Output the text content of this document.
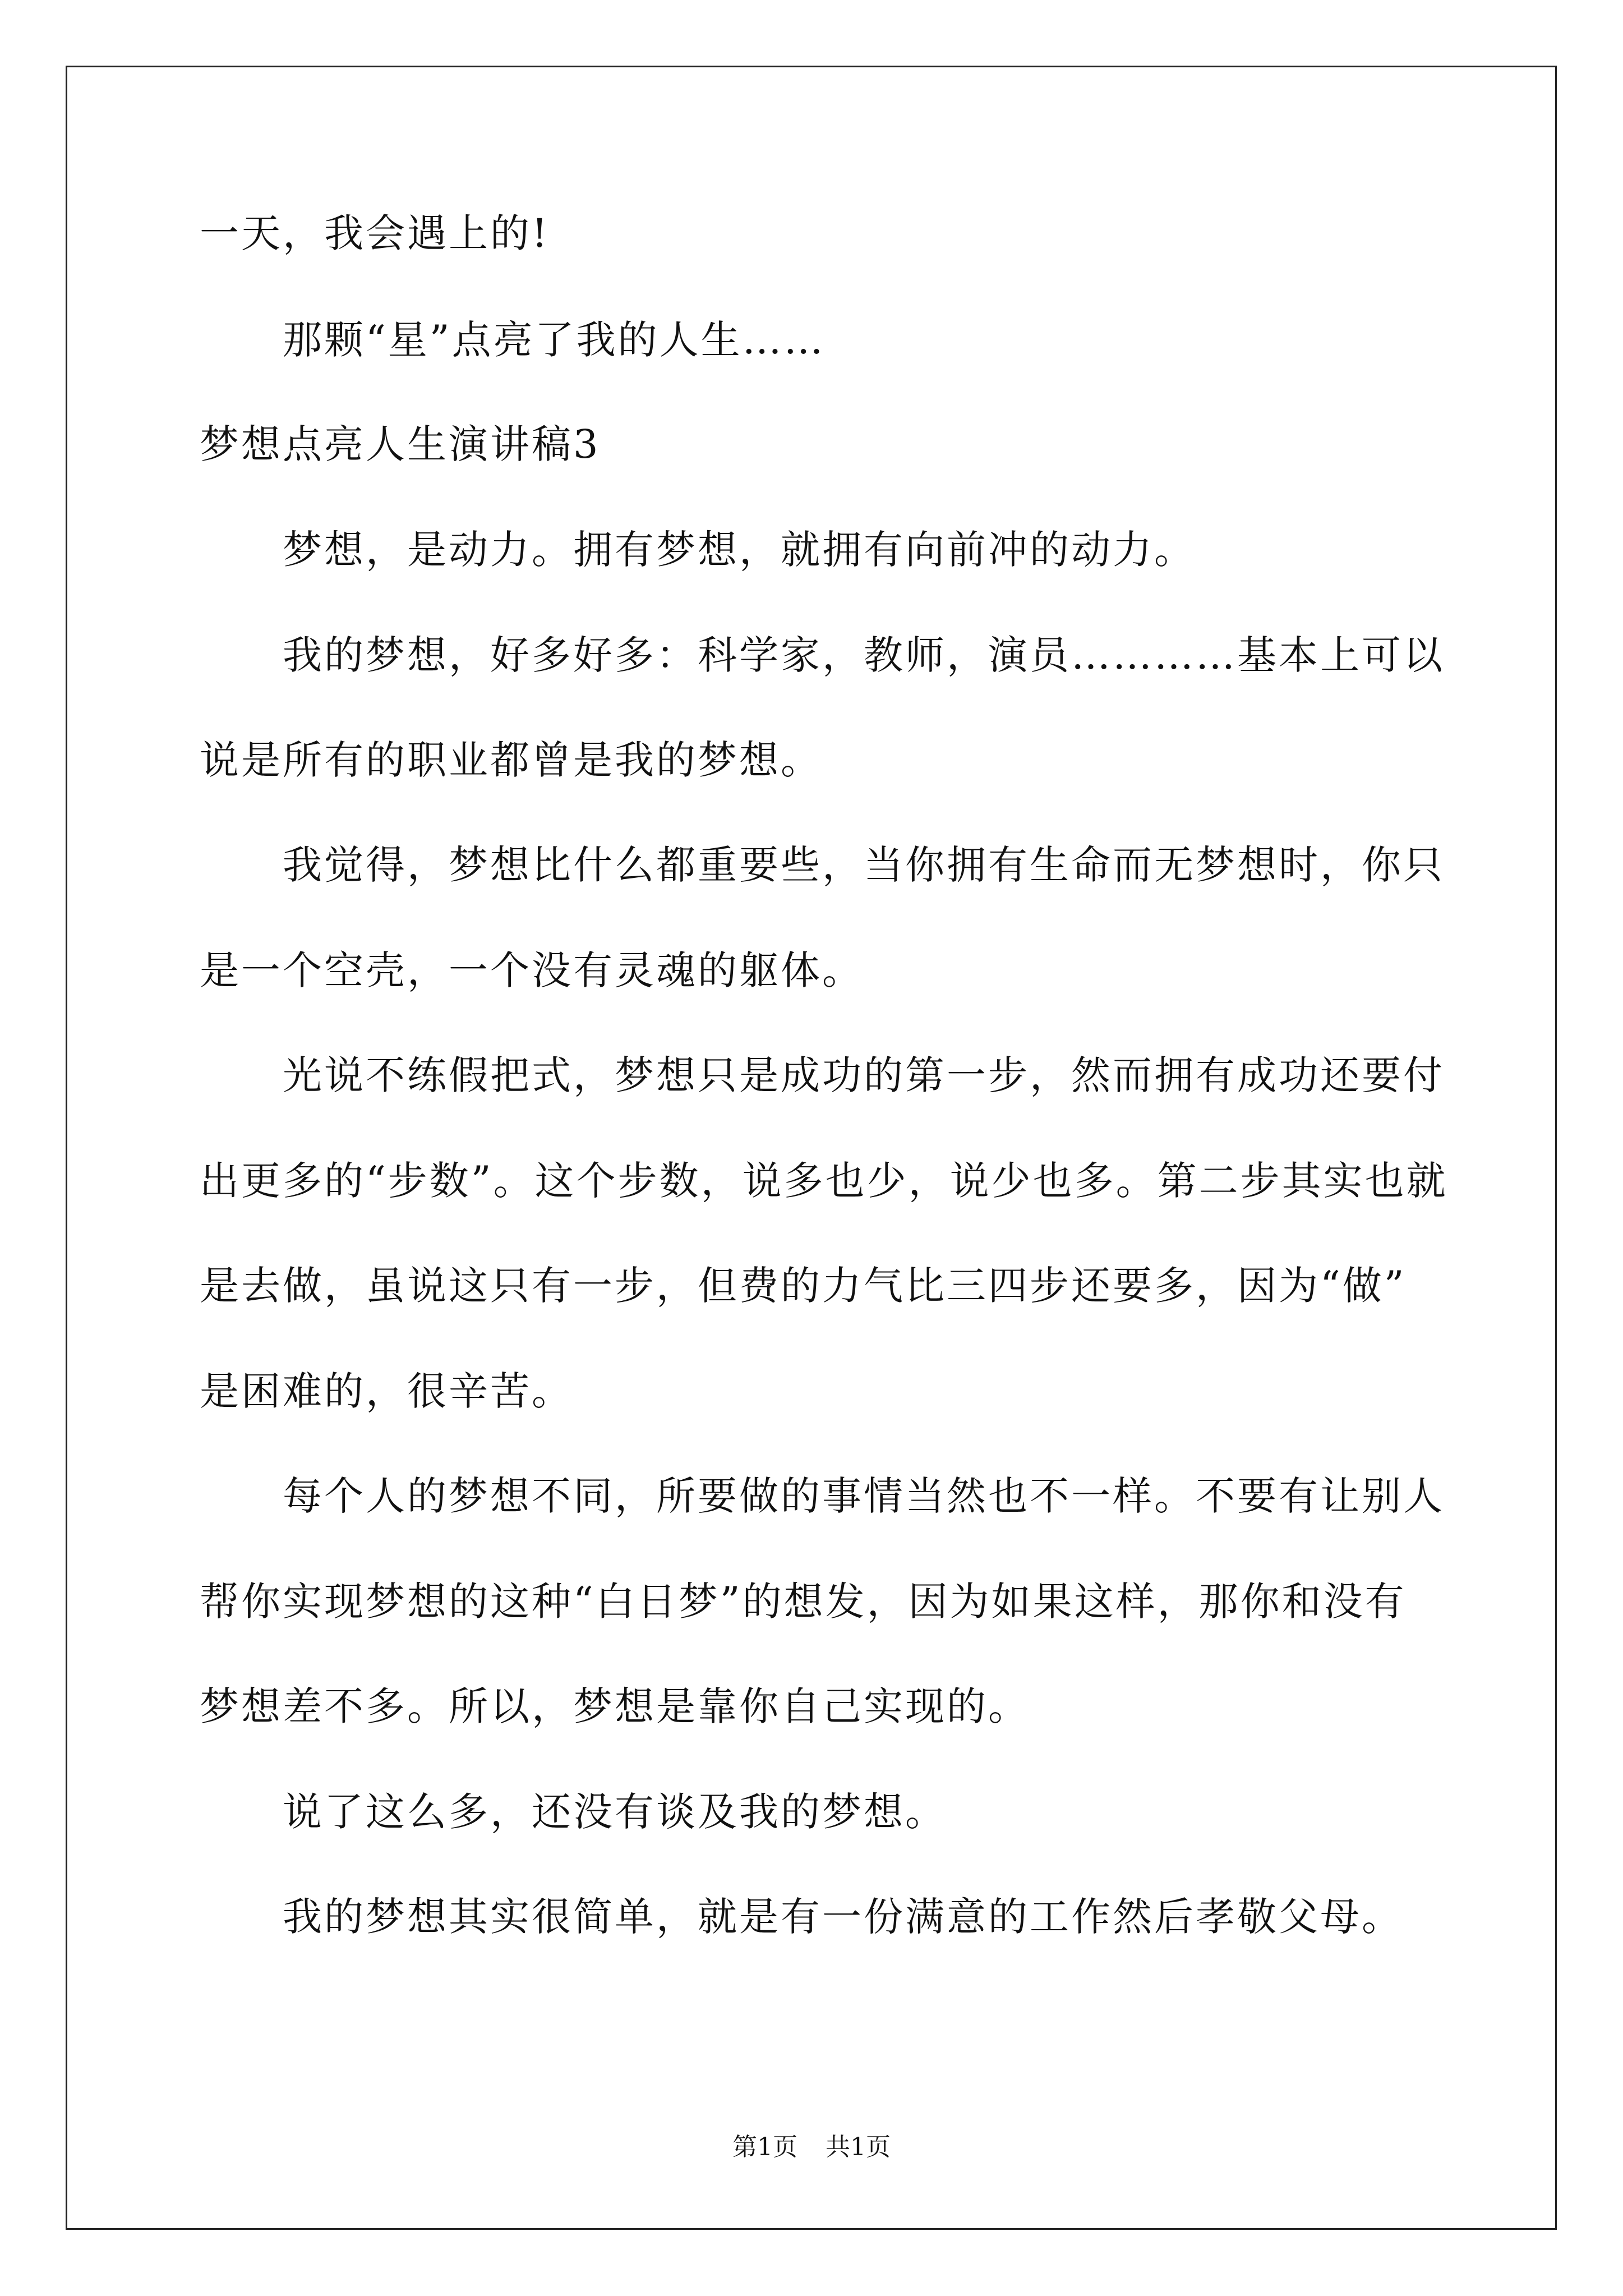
一天，我会遇上的!
那颗“星”点亮了我的人生……
梦想点亮人生演讲稿3
梦想，是动力。拥有梦想，就拥有向前冲的动力。
我的梦想，好多好多：科学家，教师，演员…………基本上可以
说是所有的职业都曾是我的梦想。
我觉得，梦想比什么都重要些，当你拥有生命而无梦想时，你只
是一个空壳，一个没有灵魂的躯体。
光说不练假把式，梦想只是成功的第一步，然而拥有成功还要付
出更多的“步数”。这个步数，说多也少，说少也多。第二步其实也就
是去做，虽说这只有一步，但费的力气比三四步还要多，因为“做”
是困难的，很辛苦。
每个人的梦想不同，所要做的事情当然也不一样。不要有让别人
帮你实现梦想的这种“白日梦”的想发，因为如果这样，那你和没有
梦想差不多。所以，梦想是靠你自己实现的。
说了这么多，还没有谈及我的梦想。
我的梦想其实很简单，就是有一份满意的工作然后孝敬父母。
第1页 共1页
